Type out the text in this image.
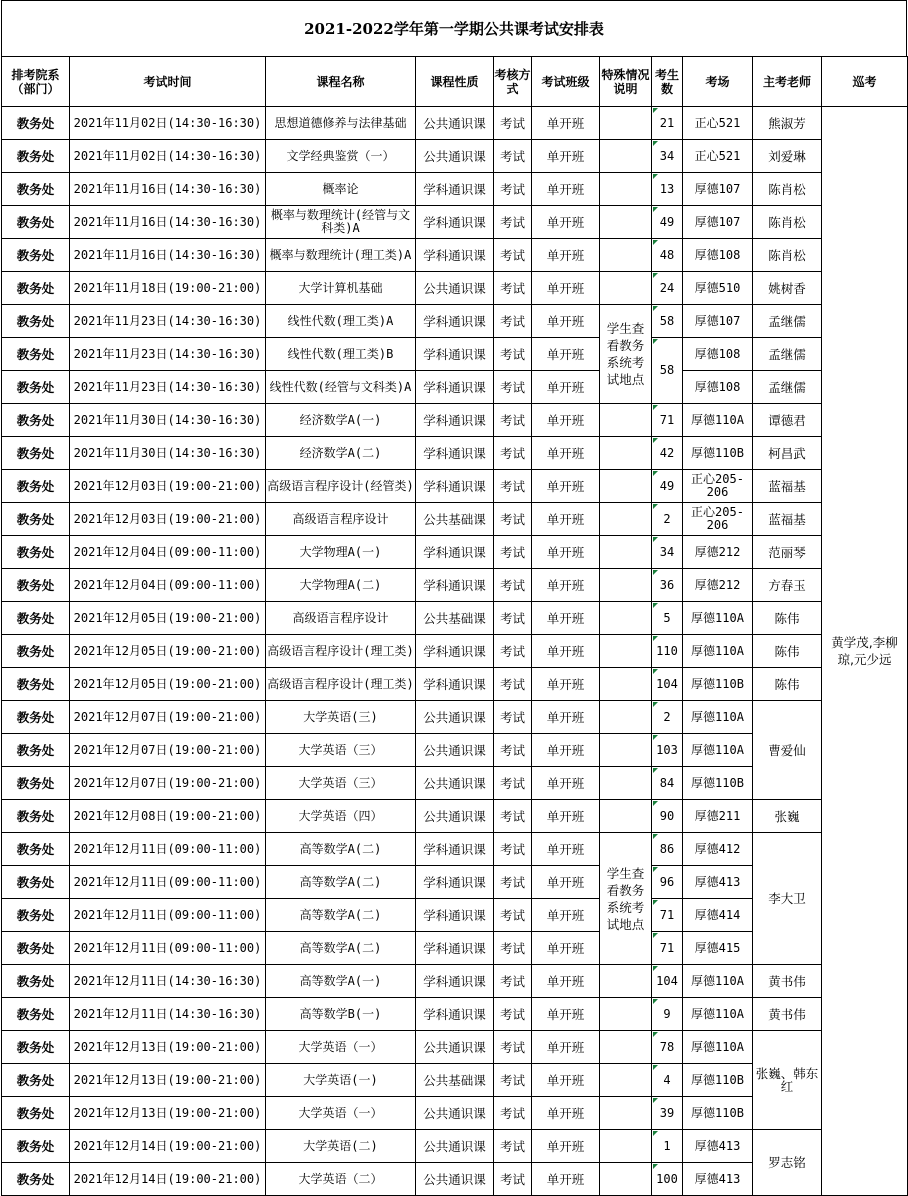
2021-2022学年第一学期公共课考试安排表
排考院系（部门）	考试时间	课程名称	课程性质	考核方式	考试班级	特殊情况说明	考生数	考场	主考老师	巡考
教务处	2021年11月02日(14:30-16:30)	思想道德修养与法律基础	公共通识课	考试	单开班		21	正心521	熊淑芳	黄学茂,李柳琼,元少远
教务处	2021年11月02日(14:30-16:30)	文学经典鉴赏（一）	公共通识课	考试	单开班		34	正心521	刘爱琳	
教务处	2021年11月16日(14:30-16:30)	概率论	学科通识课	考试	单开班		13	厚德107	陈肖松	
教务处	2021年11月16日(14:30-16:30)	概率与数理统计(经管与文科类)A	学科通识课	考试	单开班		49	厚德107	陈肖松	
教务处	2021年11月16日(14:30-16:30)	概率与数理统计(理工类)A	学科通识课	考试	单开班		48	厚德108	陈肖松	
教务处	2021年11月18日(19:00-21:00)	大学计算机基础	公共通识课	考试	单开班		24	厚德510	姚树香	
教务处	2021年11月23日(14:30-16:30)	线性代数(理工类)A	学科通识课	考试	单开班	学生查看教务系统考试地点	58	厚德107	孟继儒	
教务处	2021年11月23日(14:30-16:30)	线性代数(理工类)B	学科通识课	考试	单开班		58	厚德108	孟继儒	
教务处	2021年11月23日(14:30-16:30)	线性代数(经管与文科类)A	学科通识课	考试	单开班			厚德108	孟继儒	
教务处	2021年11月30日(14:30-16:30)	经济数学A(一)	学科通识课	考试	单开班		71	厚德110A	谭德君	
教务处	2021年11月30日(14:30-16:30)	经济数学A(二)	学科通识课	考试	单开班		42	厚德110B	柯昌武	
教务处	2021年12月03日(19:00-21:00)	高级语言程序设计(经管类)	学科通识课	考试	单开班		49	正心205-206	蓝福基	
教务处	2021年12月03日(19:00-21:00)	高级语言程序设计	公共基础课	考试	单开班		2	正心205-206	蓝福基	
教务处	2021年12月04日(09:00-11:00)	大学物理A(一)	学科通识课	考试	单开班		34	厚德212	范丽琴	
教务处	2021年12月04日(09:00-11:00)	大学物理A(二)	学科通识课	考试	单开班		36	厚德212	方春玉	
教务处	2021年12月05日(19:00-21:00)	高级语言程序设计	公共基础课	考试	单开班		5	厚德110A	陈伟	
教务处	2021年12月05日(19:00-21:00)	高级语言程序设计(理工类)	学科通识课	考试	单开班		110	厚德110A	陈伟	
教务处	2021年12月05日(19:00-21:00)	高级语言程序设计(理工类)	学科通识课	考试	单开班		104	厚德110B	陈伟	
教务处	2021年12月07日(19:00-21:00)	大学英语(三)	公共通识课	考试	单开班		2	厚德110A	曹爱仙	
教务处	2021年12月07日(19:00-21:00)	大学英语（三）	公共通识课	考试	单开班		103	厚德110A		
教务处	2021年12月07日(19:00-21:00)	大学英语（三）	公共通识课	考试	单开班		84	厚德110B		
教务处	2021年12月08日(19:00-21:00)	大学英语（四）	公共通识课	考试	单开班		90	厚德211	张巍	
教务处	2021年12月11日(09:00-11:00)	高等数学A(二)	学科通识课	考试	单开班	学生查看教务系统考试地点	86	厚德412	李大卫	
教务处	2021年12月11日(09:00-11:00)	高等数学A(二)	学科通识课	考试	单开班		96	厚德413		
教务处	2021年12月11日(09:00-11:00)	高等数学A(二)	学科通识课	考试	单开班		71	厚德414		
教务处	2021年12月11日(09:00-11:00)	高等数学A(二)	学科通识课	考试	单开班		71	厚德415		
教务处	2021年12月11日(14:30-16:30)	高等数学A(一)	学科通识课	考试	单开班		104	厚德110A	黄书伟	
教务处	2021年12月11日(14:30-16:30)	高等数学B(一)	学科通识课	考试	单开班		9	厚德110A	黄书伟	
教务处	2021年12月13日(19:00-21:00)	大学英语（一）	公共通识课	考试	单开班		78	厚德110A	张巍、韩东红	
教务处	2021年12月13日(19:00-21:00)	大学英语(一)	公共基础课	考试	单开班		4	厚德110B		
教务处	2021年12月13日(19:00-21:00)	大学英语（一）	公共通识课	考试	单开班		39	厚德110B		
教务处	2021年12月14日(19:00-21:00)	大学英语(二)	公共通识课	考试	单开班		1	厚德413	罗志铭	
教务处	2021年12月14日(19:00-21:00)	大学英语（二）	公共通识课	考试	单开班		100	厚德413		
